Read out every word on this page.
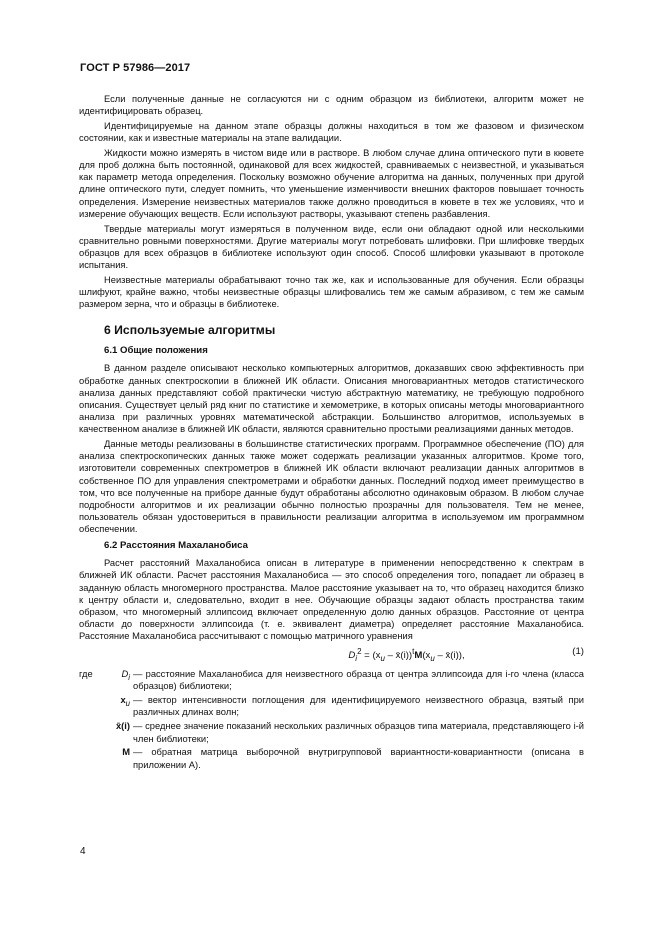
ГОСТ Р 57986—2017

Если полученные данные не согласуются ни с одним образцом из библиотеки, алгоритм может не идентифицировать образец.

Идентифицируемые на данном этапе образцы должны находиться в том же фазовом и физическом состоянии, как и известные материалы на этапе валидации.

Жидкости можно измерять в чистом виде или в растворе. В любом случае длина оптического пути в кювете для проб должна быть постоянной, одинаковой для всех жидкостей, сравниваемых с неизвестной, и указываться как параметр метода определения. Поскольку возможно обучение алгоритма на данных, полученных при другой длине оптического пути, следует помнить, что уменьшение изменчивости внешних факторов повышает точность определения. Измерение неизвестных материалов также должно проводиться в кювете в тех же условиях, что и измерение обучающих веществ. Если используют растворы, указывают степень разбавления.

Твердые материалы могут измеряться в полученном виде, если они обладают одной или несколькими сравнительно ровными поверхностями. Другие материалы могут потребовать шлифовки. При шлифовке твердых образцов для всех образцов в библиотеке используют один способ. Способ шлифовки указывают в протоколе испытания.

Неизвестные материалы обрабатывают точно так же, как и использованные для обучения. Если образцы шлифуют, крайне важно, чтобы неизвестные образцы шлифовались тем же самым абразивом, с тем же самым размером зерна, что и образцы в библиотеке.

6 Используемые алгоритмы
6.1 Общие положения

В данном разделе описывают несколько компьютерных алгоритмов, доказавших свою эффективность при обработке данных спектроскопии в ближней ИК области. Описания многовариантных методов статистического анализа данных представляют собой практически чистую абстрактную математику, не требующую подробного описания. Существует целый ряд книг по статистике и хемометрике, в которых описаны методы многовариантного анализа при различных уровнях математической абстракции. Большинство алгоритмов, используемых в качественном анализе в ближней ИК области, являются сравнительно простыми реализациями данных методов.

Данные методы реализованы в большинстве статистических программ. Программное обеспечение (ПО) для анализа спектроскопических данных также может содержать реализации указанных алгоритмов. Кроме того, изготовители современных спектрометров в ближней ИК области включают реализации данных алгоритмов в собственное ПО для управления спектрометрами и обработки данных. Последний подход имеет преимущество в том, что все полученные на приборе данные будут обработаны абсолютно одинаковым образом. В любом случае подробности алгоритмов и их реализации обычно полностью прозрачны для пользователя. Тем не менее, пользователь обязан удостовериться в правильности реализации алгоритма в используемом им программном обеспечении.

6.2 Расстояния Махаланобиса

Расчет расстояний Махаланобиса описан в литературе в применении непосредственно к спектрам в ближней ИК области. Расчет расстояния Махаланобиса — это способ определения того, попадает ли образец в заданную область многомерного пространства. Малое расстояние указывает на то, что образец находится близко к центру области и, следовательно, входит в нее. Обучающие образцы задают область пространства таким образом, что многомерный эллипсоид включает определенную долю данных образцов. Расстояние от центра области до поверхности эллипсоида (т. е. эквивалент диаметра) определяет расстояние Махаланобиса. Расстояние Махаланобиса рассчитывают с помощью матричного уравнения

$D_i^2 = (x_u$ – $x̄(i))^tM(x_u$ – x̄(i)),	(1)
где	$D_i$ — расстояние Махаланобиса для неизвестного образца от центра эллипсоида для i-го члена (класса образцов) библиотеки;
$x_u$ — вектор интенсивности поглощения для идентифицируемого неизвестного образца, взятый при различных длинах волн;
x̄(i) — среднее значение показаний нескольких различных образцов типа материала, представляющего i-й член библиотеки;
M — обратная матрица выборочной внутригрупповой вариантности-ковариантности (описана в приложении А).
4
